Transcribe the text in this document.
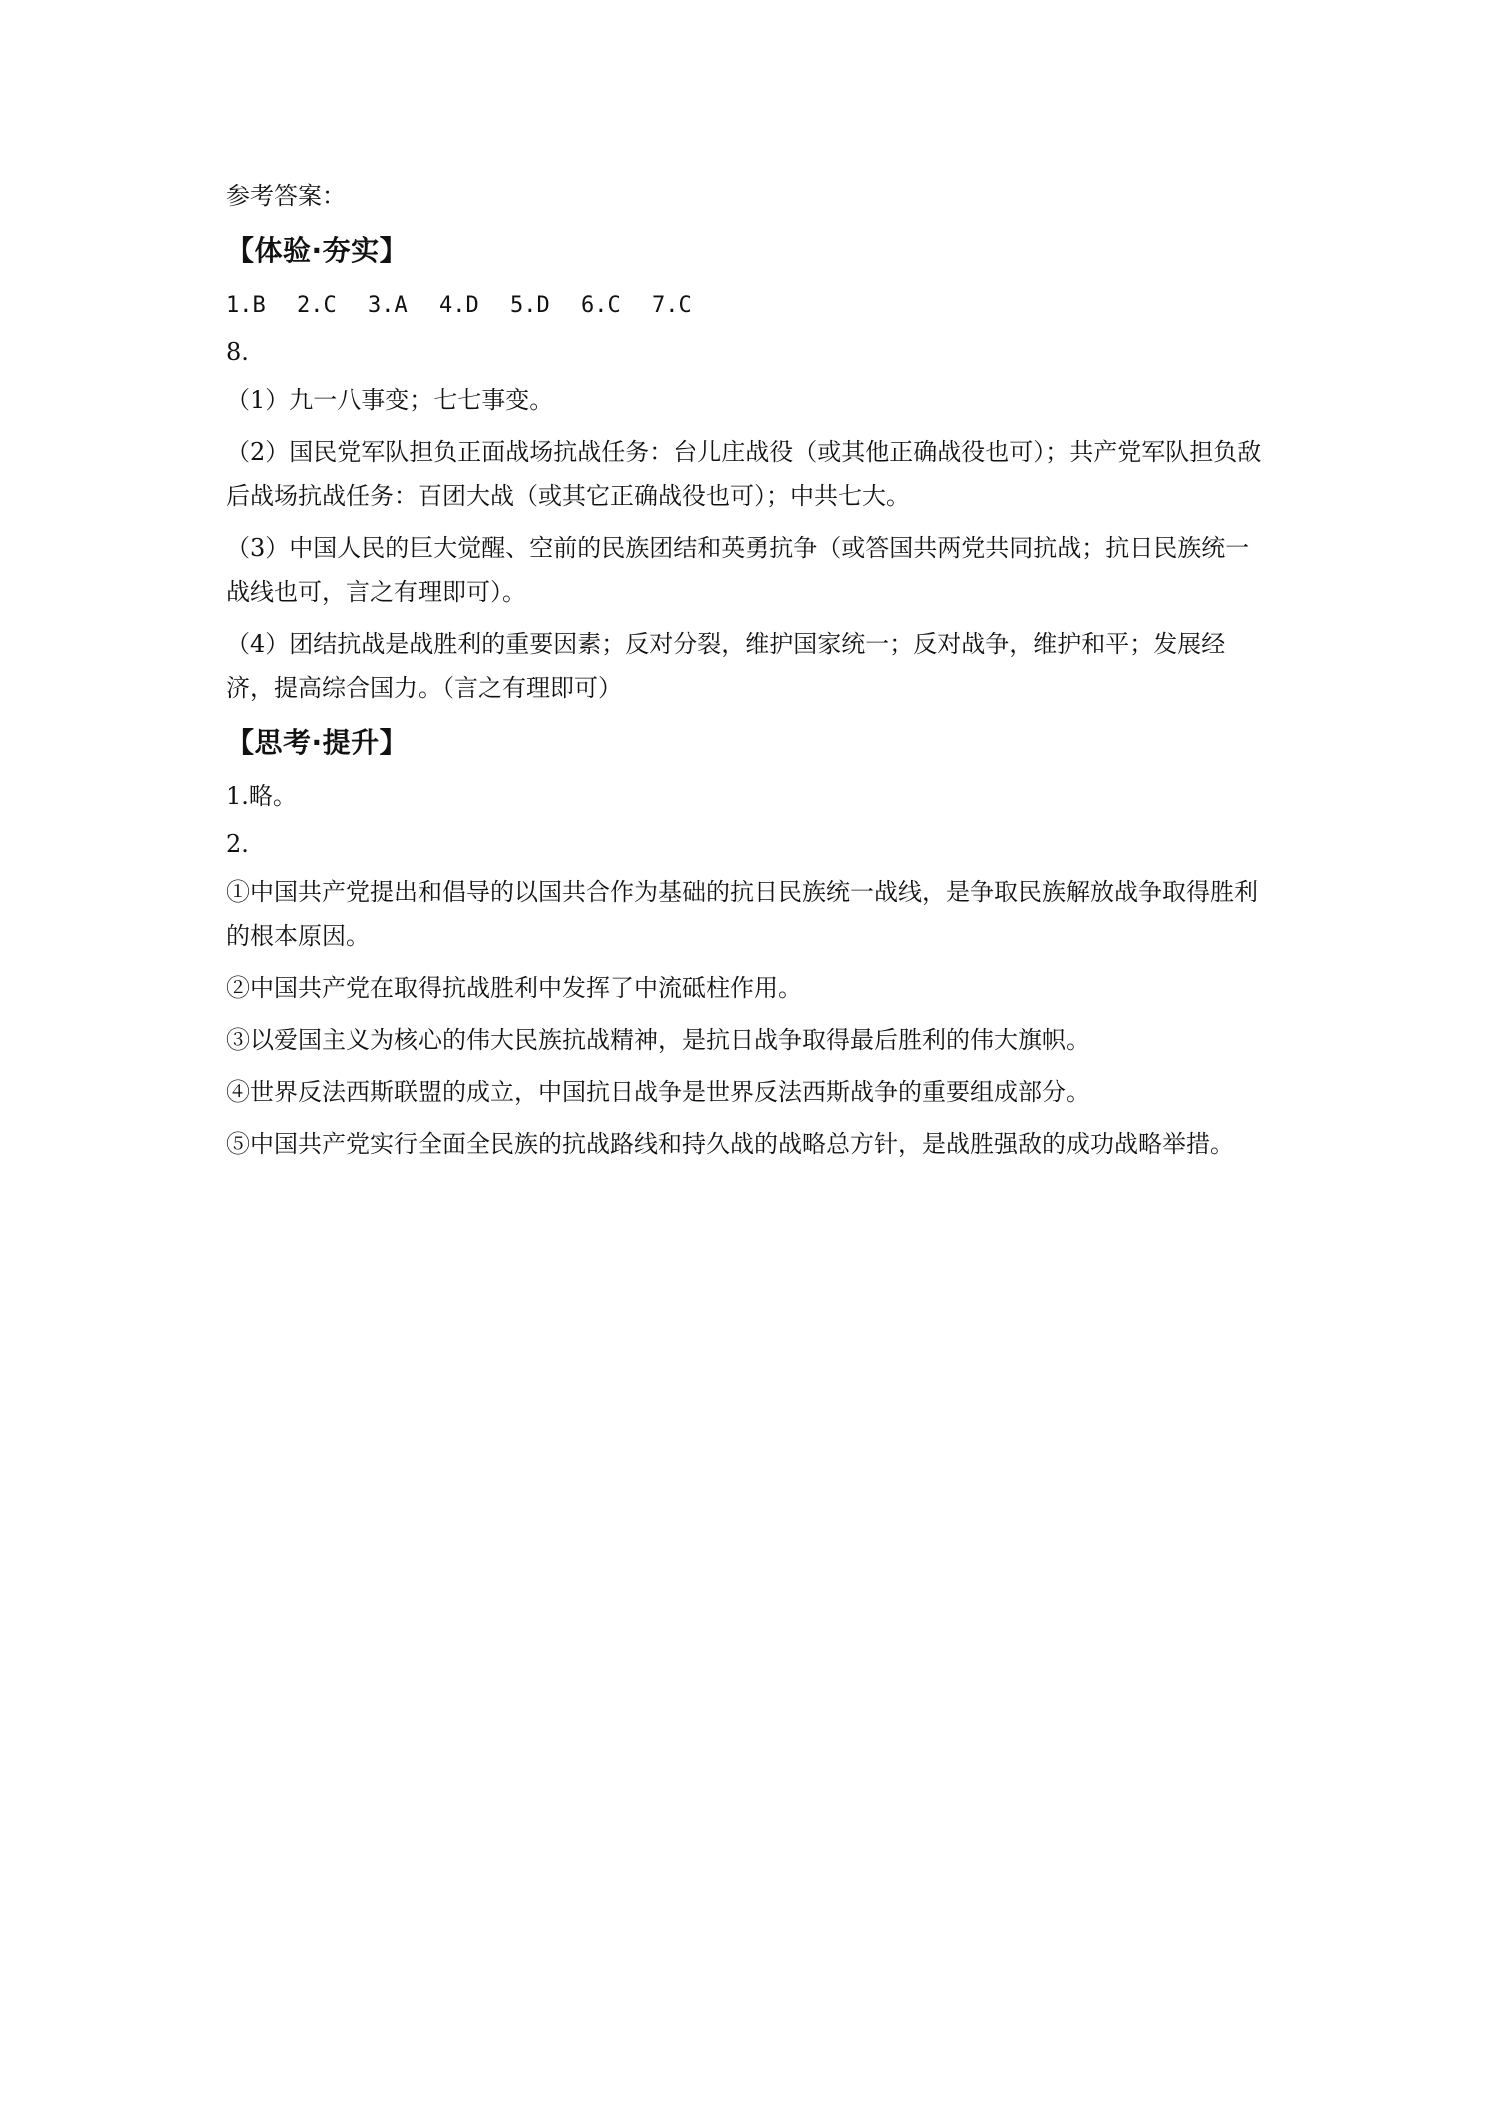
参考答案：

【体验·夯实】
1.B 2.C 3.A 4.D 5.D 6.C 7.C

8.

（1）九一八事变；七七事变。

（2）国民党军队担负正面战场抗战任务：台儿庄战役（或其他正确战役也可）；共产党军队担负敌后战场抗战任务：百团大战（或其它正确战役也可）；中共七大。

（3）中国人民的巨大觉醒、空前的民族团结和英勇抗争（或答国共两党共同抗战；抗日民族统一战线也可，言之有理即可）。

（4）团结抗战是战胜利的重要因素；反对分裂，维护国家统一；反对战争，维护和平；发展经济，提高综合国力。（言之有理即可）

【思考·提升】

1.略。

2.

①中国共产党提出和倡导的以国共合作为基础的抗日民族统一战线，是争取民族解放战争取得胜利的根本原因。

②中国共产党在取得抗战胜利中发挥了中流砥柱作用。

③以爱国主义为核心的伟大民族抗战精神，是抗日战争取得最后胜利的伟大旗帜。

④世界反法西斯联盟的成立，中国抗日战争是世界反法西斯战争的重要组成部分。

⑤中国共产党实行全面全民族的抗战路线和持久战的战略总方针，是战胜强敌的成功战略举措。
